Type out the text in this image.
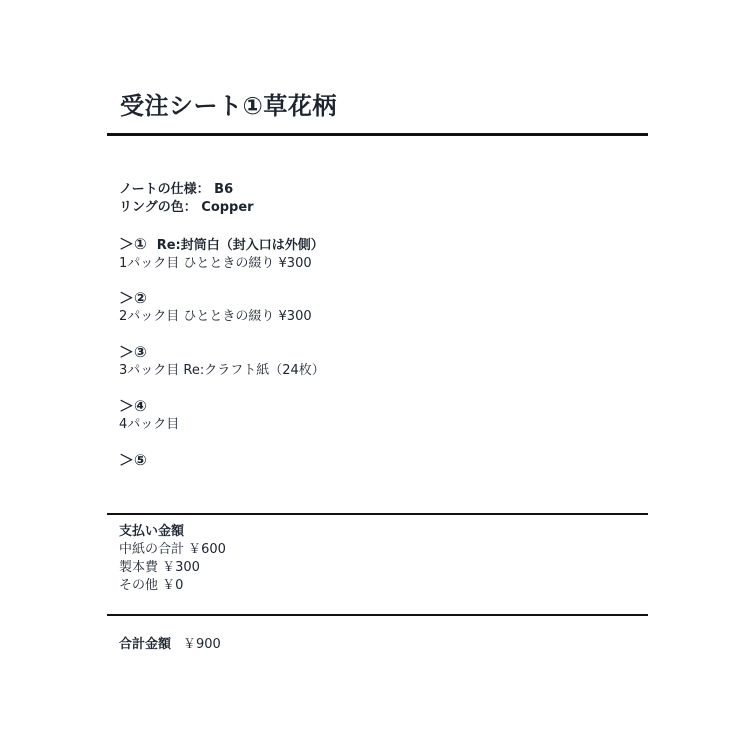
受注シート①草花柄
ノートの仕様： B6
リングの色： Copper
＞① Re:封筒白（封入口は外側）
1パック目 ひとときの綴り ¥300
＞②
2パック目 ひとときの綴り ¥300
＞③
3パック目 Re:クラフト紙（24枚）
＞④
4パック目
＞⑤
支払い金額
中紙の合計 ￥600
製本費 ￥300
その他 ￥0
合計金額 ￥900
